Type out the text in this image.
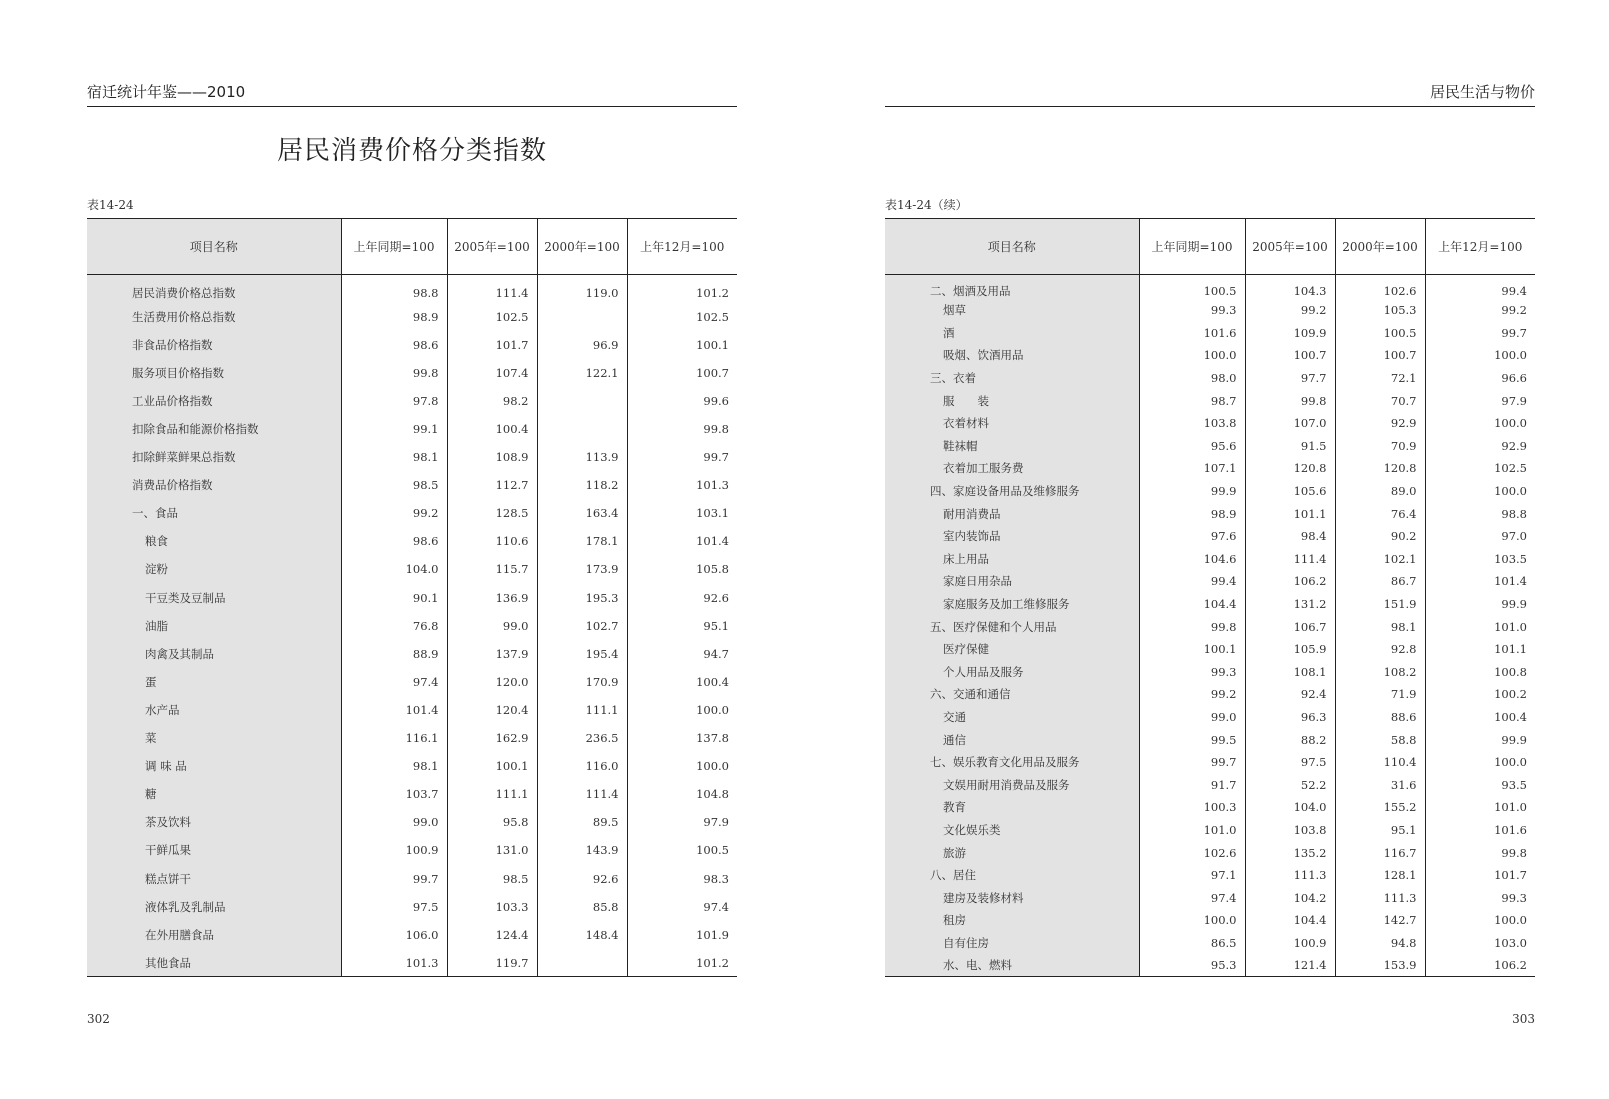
宿迁统计年鉴——2010
居民消费价格分类指数
表14-24
项目名称	上年同期=100	2005年=100	2000年=100	上年12月=100
居民消费价格总指数	98.8	111.4	119.0	101.2
生活费用价格总指数	98.9	102.5		102.5
非食品价格指数	98.6	101.7	96.9	100.1
服务项目价格指数	99.8	107.4	122.1	100.7
工业品价格指数	97.8	98.2		99.6
扣除食品和能源价格指数	99.1	100.4		99.8
扣除鲜菜鲜果总指数	98.1	108.9	113.9	99.7
消费品价格指数	98.5	112.7	118.2	101.3
一、食品	99.2	128.5	163.4	103.1
粮食	98.6	110.6	178.1	101.4
淀粉	104.0	115.7	173.9	105.8
干豆类及豆制品	90.1	136.9	195.3	92.6
油脂	76.8	99.0	102.7	95.1
肉禽及其制品	88.9	137.9	195.4	94.7
蛋	97.4	120.0	170.9	100.4
水产品	101.4	120.4	111.1	100.0
菜	116.1	162.9	236.5	137.8
调 味 品	98.1	100.1	116.0	100.0
糖	103.7	111.1	111.4	104.8
茶及饮料	99.0	95.8	89.5	97.9
干鲜瓜果	100.9	131.0	143.9	100.5
糕点饼干	99.7	98.5	92.6	98.3
液体乳及乳制品	97.5	103.3	85.8	97.4
在外用膳食品	106.0	124.4	148.4	101.9
其他食品	101.3	119.7		101.2
302
居民生活与物价
表14-24（续）
项目名称	上年同期=100	2005年=100	2000年=100	上年12月=100
二、烟酒及用品	100.5	104.3	102.6	99.4
烟草	99.3	99.2	105.3	99.2
酒	101.6	109.9	100.5	99.7
吸烟、饮酒用品	100.0	100.7	100.7	100.0
三、衣着	98.0	97.7	72.1	96.6
服　　装	98.7	99.8	70.7	97.9
衣着材料	103.8	107.0	92.9	100.0
鞋袜帽	95.6	91.5	70.9	92.9
衣着加工服务费	107.1	120.8	120.8	102.5
四、家庭设备用品及维修服务	99.9	105.6	89.0	100.0
耐用消费品	98.9	101.1	76.4	98.8
室内装饰品	97.6	98.4	90.2	97.0
床上用品	104.6	111.4	102.1	103.5
家庭日用杂品	99.4	106.2	86.7	101.4
家庭服务及加工维修服务	104.4	131.2	151.9	99.9
五、医疗保健和个人用品	99.8	106.7	98.1	101.0
医疗保健	100.1	105.9	92.8	101.1
个人用品及服务	99.3	108.1	108.2	100.8
六、交通和通信	99.2	92.4	71.9	100.2
交通	99.0	96.3	88.6	100.4
通信	99.5	88.2	58.8	99.9
七、娱乐教育文化用品及服务	99.7	97.5	110.4	100.0
文娱用耐用消费品及服务	91.7	52.2	31.6	93.5
教育	100.3	104.0	155.2	101.0
文化娱乐类	101.0	103.8	95.1	101.6
旅游	102.6	135.2	116.7	99.8
八、居住	97.1	111.3	128.1	101.7
建房及装修材料	97.4	104.2	111.3	99.3
租房	100.0	104.4	142.7	100.0
自有住房	86.5	100.9	94.8	103.0
水、电、燃料	95.3	121.4	153.9	106.2
303
